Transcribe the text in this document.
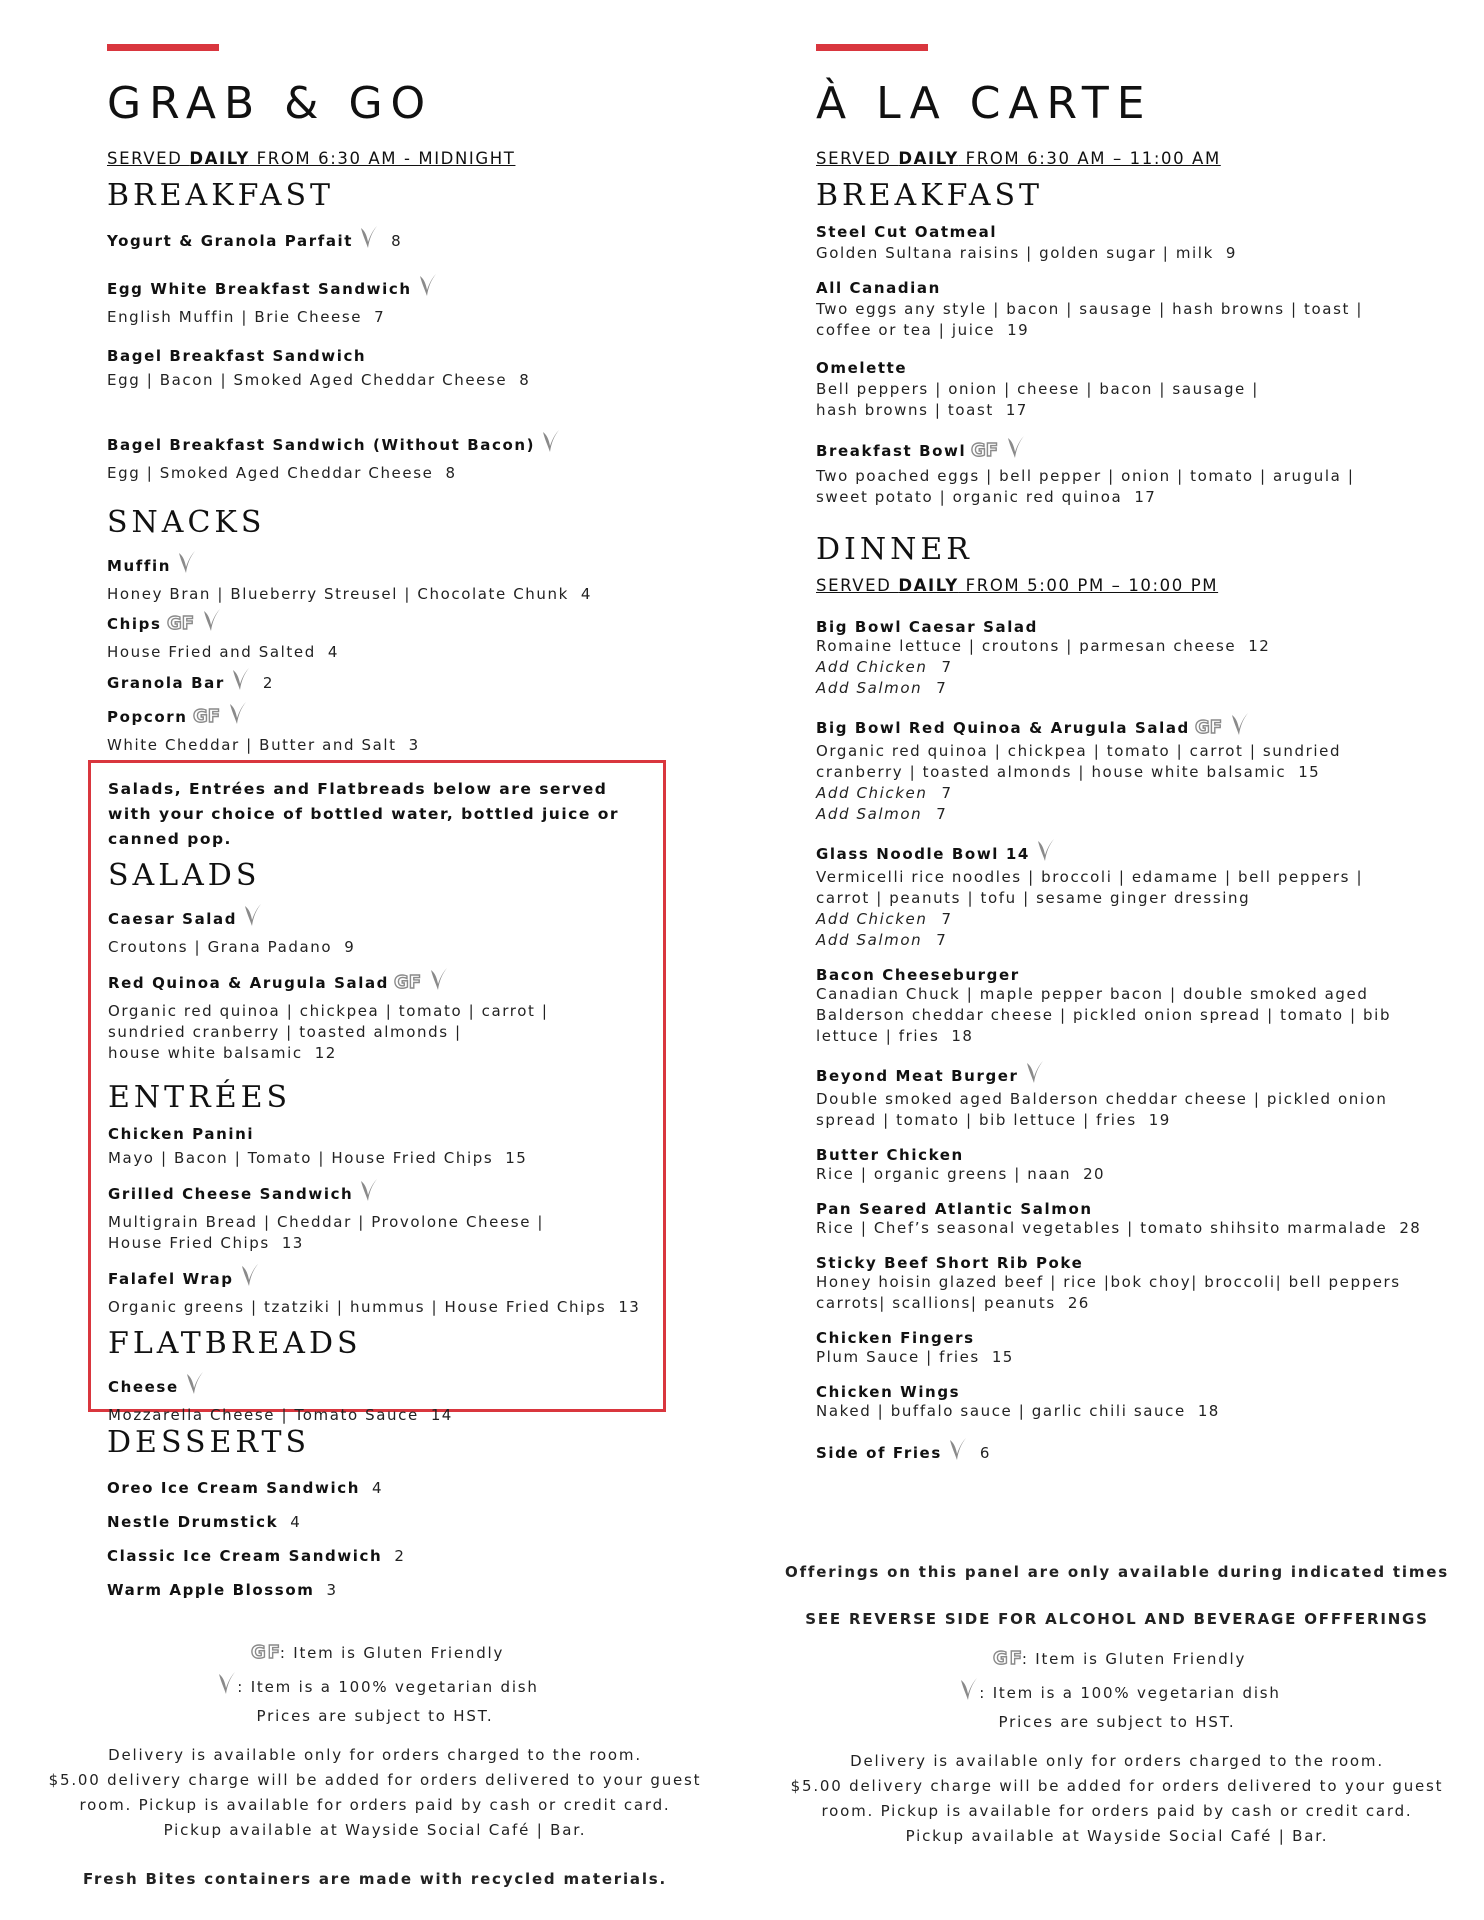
GRAB & GO
SERVED DAILY FROM 6:30 AM - MIDNIGHT
BREAKFAST
Yogurt & Granola Parfait	8
Egg White Breakfast Sandwich
English Muffin | Brie Cheese 7
Bagel Breakfast Sandwich
Egg | Bacon | Smoked Aged Cheddar Cheese 8
Bagel Breakfast Sandwich (Without Bacon)
Egg | Smoked Aged Cheddar Cheese 8
SNACKS
Muffin
Honey Bran | Blueberry Streusel | Chocolate Chunk 4
Chips GF
House Fried and Salted 4
Granola Bar	2
Popcorn GF
White Cheddar | Butter and Salt 3
DESSERTS
Oreo Ice Cream Sandwich 4
Nestle Drumstick 4
Classic Ice Cream Sandwich 2
Warm Apple Blossom 3
Salads, Entrées and Flatbreads below are served with your choice of bottled water, bottled juice or canned pop.
SALADS
Caesar Salad
Croutons | Grana Padano 9
Red Quinoa & Arugula Salad GF
Organic red quinoa | chickpea | tomato | carrot |
sundried cranberry | toasted almonds |
house white balsamic 12
ENTRÉES
Chicken Panini
Mayo | Bacon | Tomato | House Fried Chips 15
Grilled Cheese Sandwich
Multigrain Bread | Cheddar | Provolone Cheese |
House Fried Chips 13
Falafel Wrap
Organic greens | tzatziki | hummus | House Fried Chips 13
FLATBREADS
Cheese
Mozzarella Cheese | Tomato Sauce 14
GF
: Item is Gluten Friendly
: Item is a 100% vegetarian dish
Prices are subject to HST.
Delivery is available only for orders charged to the room.
$5.00 delivery charge will be added for orders delivered to your guest
room. Pickup is available for orders paid by cash or credit card.
Pickup available at Wayside Social Café | Bar.
Fresh Bites containers are made with recycled materials.
À LA CARTE
SERVED DAILY FROM 6:30 AM – 11:00 AM
BREAKFAST
Steel Cut Oatmeal
Golden Sultana raisins | golden sugar | milk 9
All Canadian
Two eggs any style | bacon | sausage | hash browns | toast |
coffee or tea | juice 19
Omelette
Bell peppers | onion | cheese | bacon | sausage |
hash browns | toast 17
Breakfast Bowl GF
Two poached eggs | bell pepper | onion | tomato | arugula |
sweet potato | organic red quinoa 17
DINNER
SERVED DAILY FROM 5:00 PM – 10:00 PM
Big Bowl Caesar Salad
Romaine lettuce | croutons | parmesan cheese 12
Add Chicken 7
Add Salmon 7
Big Bowl Red Quinoa & Arugula Salad GF
Organic red quinoa | chickpea | tomato | carrot | sundried
cranberry | toasted almonds | house white balsamic 15
Add Chicken 7
Add Salmon 7
Glass Noodle Bowl 14
Vermicelli rice noodles | broccoli | edamame | bell peppers |
carrot | peanuts | tofu | sesame ginger dressing
Add Chicken 7
Add Salmon 7
Bacon Cheeseburger
Canadian Chuck | maple pepper bacon | double smoked aged
Balderson cheddar cheese | pickled onion spread | tomato | bib
lettuce | fries 18
Beyond Meat Burger
Double smoked aged Balderson cheddar cheese | pickled onion
spread | tomato | bib lettuce | fries 19
Butter Chicken
Rice | organic greens | naan 20
Pan Seared Atlantic Salmon
Rice | Chef’s seasonal vegetables | tomato shihsito marmalade 28
Sticky Beef Short Rib Poke
Honey hoisin glazed beef | rice |bok choy| broccoli| bell peppers
carrots| scallions| peanuts 26
Chicken Fingers
Plum Sauce | fries 15
Chicken Wings
Naked | buffalo sauce | garlic chili sauce 18
Side of Fries	6
Offerings on this panel are only available during indicated times
SEE REVERSE SIDE FOR ALCOHOL AND BEVERAGE OFFFERINGS
GF
: Item is Gluten Friendly
: Item is a 100% vegetarian dish
Prices are subject to HST.
Delivery is available only for orders charged to the room.
$5.00 delivery charge will be added for orders delivered to your guest
room. Pickup is available for orders paid by cash or credit card.
Pickup available at Wayside Social Café | Bar.
